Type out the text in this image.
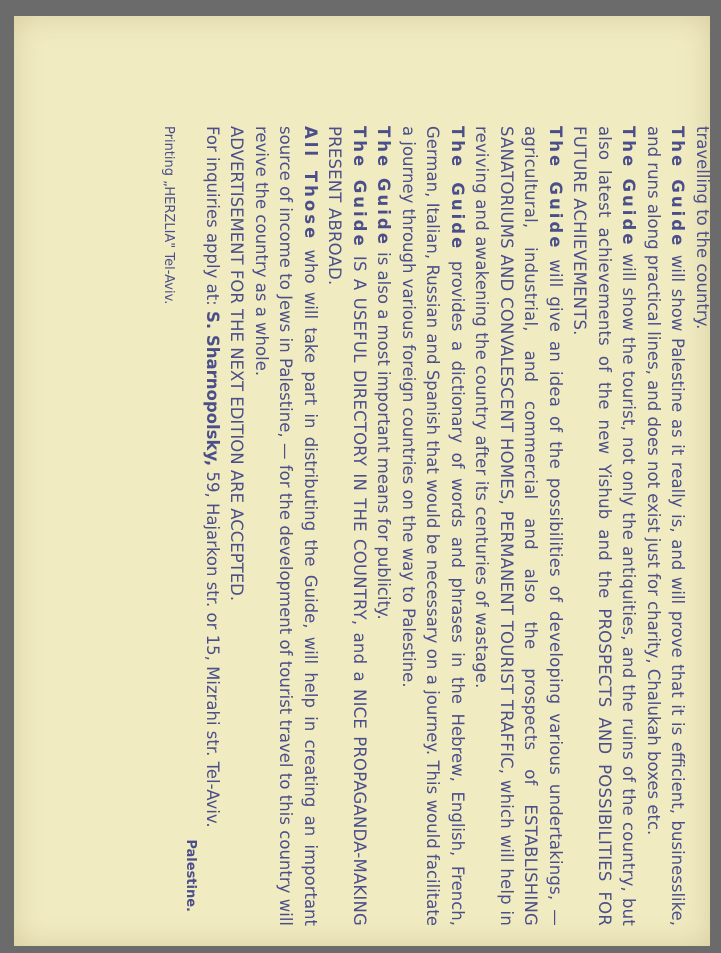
travelling to the country.

The Guide will show Palestine as it really is, and will prove that it is efficient, businesslike, and runs along practical lines, and does not exist just for charity, Chalukah boxes etc.

The Guide will show the tourist, not only the antiquities, and the ruins of the country, but also latest achievements of the new Yishub and the PROSPECTS AND POSSIBILITIES FOR FUTURE ACHIEVEMENTS.

The Guide will give an idea of the possibilities of developing various undertakings, — agricultural, industrial, and commercial and also the prospects of ESTABLISHING SANATORIUMS AND CONVALESCENT HOMES, PERMANENT TOURIST TRAFFIC, which will help in reviving and awakening the country after its centuries of wastage.

The Guide provides a dictionary of words and phrases in the Hebrew, English, French, German, Italian, Russian and Spanish that would be necessary on a journey. This would facilitate a journey through various foreign countries on the way to Palestine.

The Guide is also a most important means for publicity.

The Guide IS A USEFUL DIRECTORY IN THE COUNTRY, and a NICE PROPAGANDA-MAKING PRESENT ABROAD.

All Those who will take part in distributing the Guide, will help in creating an important source of income to Jews in Palestine, — for the development of tourist travel to this country will revive the country as a whole.

ADVERTISEMENT FOR THE NEXT EDITION ARE ACCEPTED.

For inquiries apply at: S. Sharnopolsky, 59, Hajarkon str. or 15, Mizrahi str. Tel-Aviv.

Palestine.

Printing „HERZLIA" Tel-Aviv.
